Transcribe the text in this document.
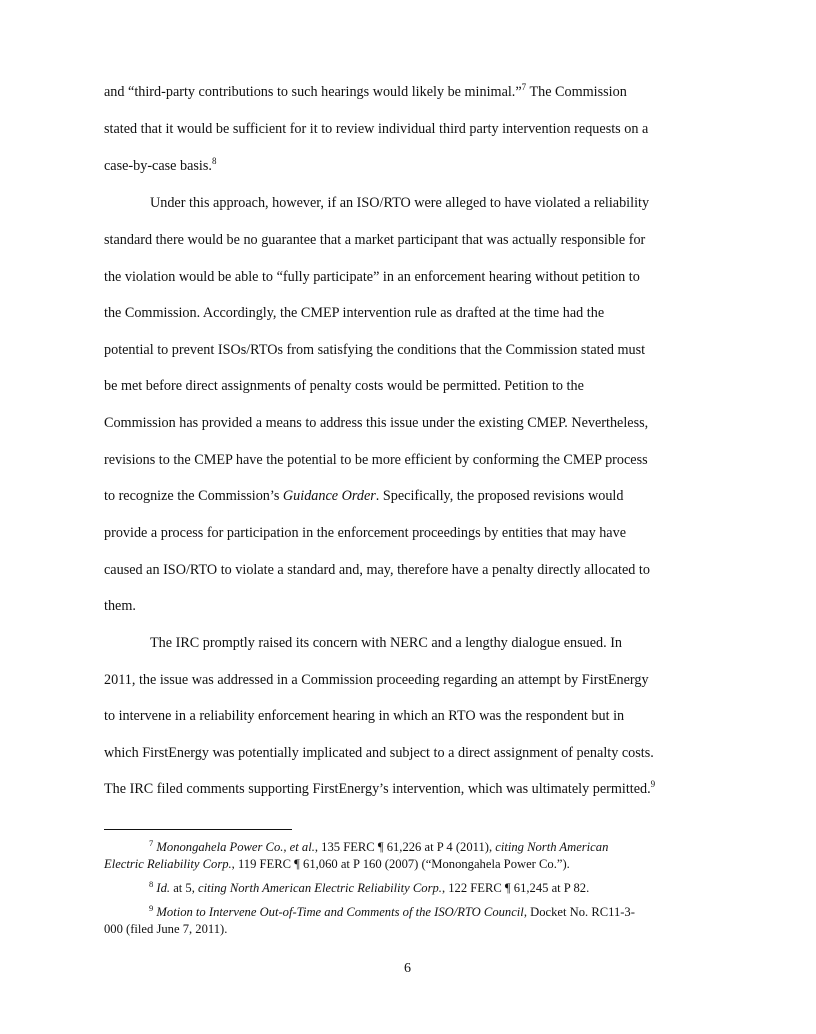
and “third-party contributions to such hearings would likely be minimal.”$^7$ The Commission
stated that it would be sufficient for it to review individual third party intervention requests on a
case-by-case basis.$^8$
Under this approach, however, if an ISO/RTO were alleged to have violated a reliability
standard there would be no guarantee that a market participant that was actually responsible for
the violation would be able to “fully participate” in an enforcement hearing without petition to
the Commission. Accordingly, the CMEP intervention rule as drafted at the time had the
potential to prevent ISOs/RTOs from satisfying the conditions that the Commission stated must
be met before direct assignments of penalty costs would be permitted. Petition to the
Commission has provided a means to address this issue under the existing CMEP. Nevertheless,
revisions to the CMEP have the potential to be more efficient by conforming the CMEP process
to recognize the Commission’s Guidance Order. Specifically, the proposed revisions would
provide a process for participation in the enforcement proceedings by entities that may have
caused an ISO/RTO to violate a standard and, may, therefore have a penalty directly allocated to
them.
The IRC promptly raised its concern with NERC and a lengthy dialogue ensued. In
2011, the issue was addressed in a Commission proceeding regarding an attempt by FirstEnergy
to intervene in a reliability enforcement hearing in which an RTO was the respondent but in
which FirstEnergy was potentially implicated and subject to a direct assignment of penalty costs.
The IRC filed comments supporting FirstEnergy’s intervention, which was ultimately permitted.$^9$
$^7$ Monongahela Power Co., et al., 135 FERC ¶ 61,226 at P 4 (2011), citing North American
Electric Reliability Corp., 119 FERC ¶ 61,060 at P 160 (2007) (“Monongahela Power Co.”).
$^8$ Id. at 5, citing North American Electric Reliability Corp., 122 FERC ¶ 61,245 at P 82.
$^9$ Motion to Intervene Out-of-Time and Comments of the ISO/RTO Council, Docket No. RC11-3-
000 (filed June 7, 2011).
6
